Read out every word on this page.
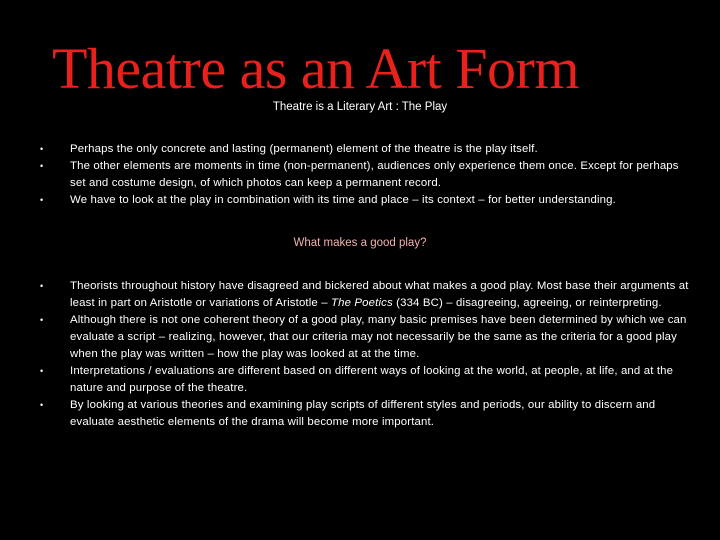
Theatre as an Art Form
Theatre is a Literary Art : The Play
• Perhaps the only concrete and lasting (permanent) element of the theatre is the play itself.
• The other elements are moments in time (non-permanent), audiences only experience them once. Except for perhaps set and costume design, of which photos can keep a permanent record.
• We have to look at the play in combination with its time and place – its context – for better understanding.
What makes a good play?
• Theorists throughout history have disagreed and bickered about what makes a good play. Most base their arguments at least in part on Aristotle or variations of Aristotle – The Poetics (334 BC) – disagreeing, agreeing, or reinterpreting.
• Although there is not one coherent theory of a good play, many basic premises have been determined by which we can evaluate a script – realizing, however, that our criteria may not necessarily be the same as the criteria for a good play when the play was written – how the play was looked at at the time.
• Interpretations / evaluations are different based on different ways of looking at the world, at people, at life, and at the nature and purpose of the theatre.
• By looking at various theories and examining play scripts of different styles and periods, our ability to discern and evaluate aesthetic elements of the drama will become more important.
